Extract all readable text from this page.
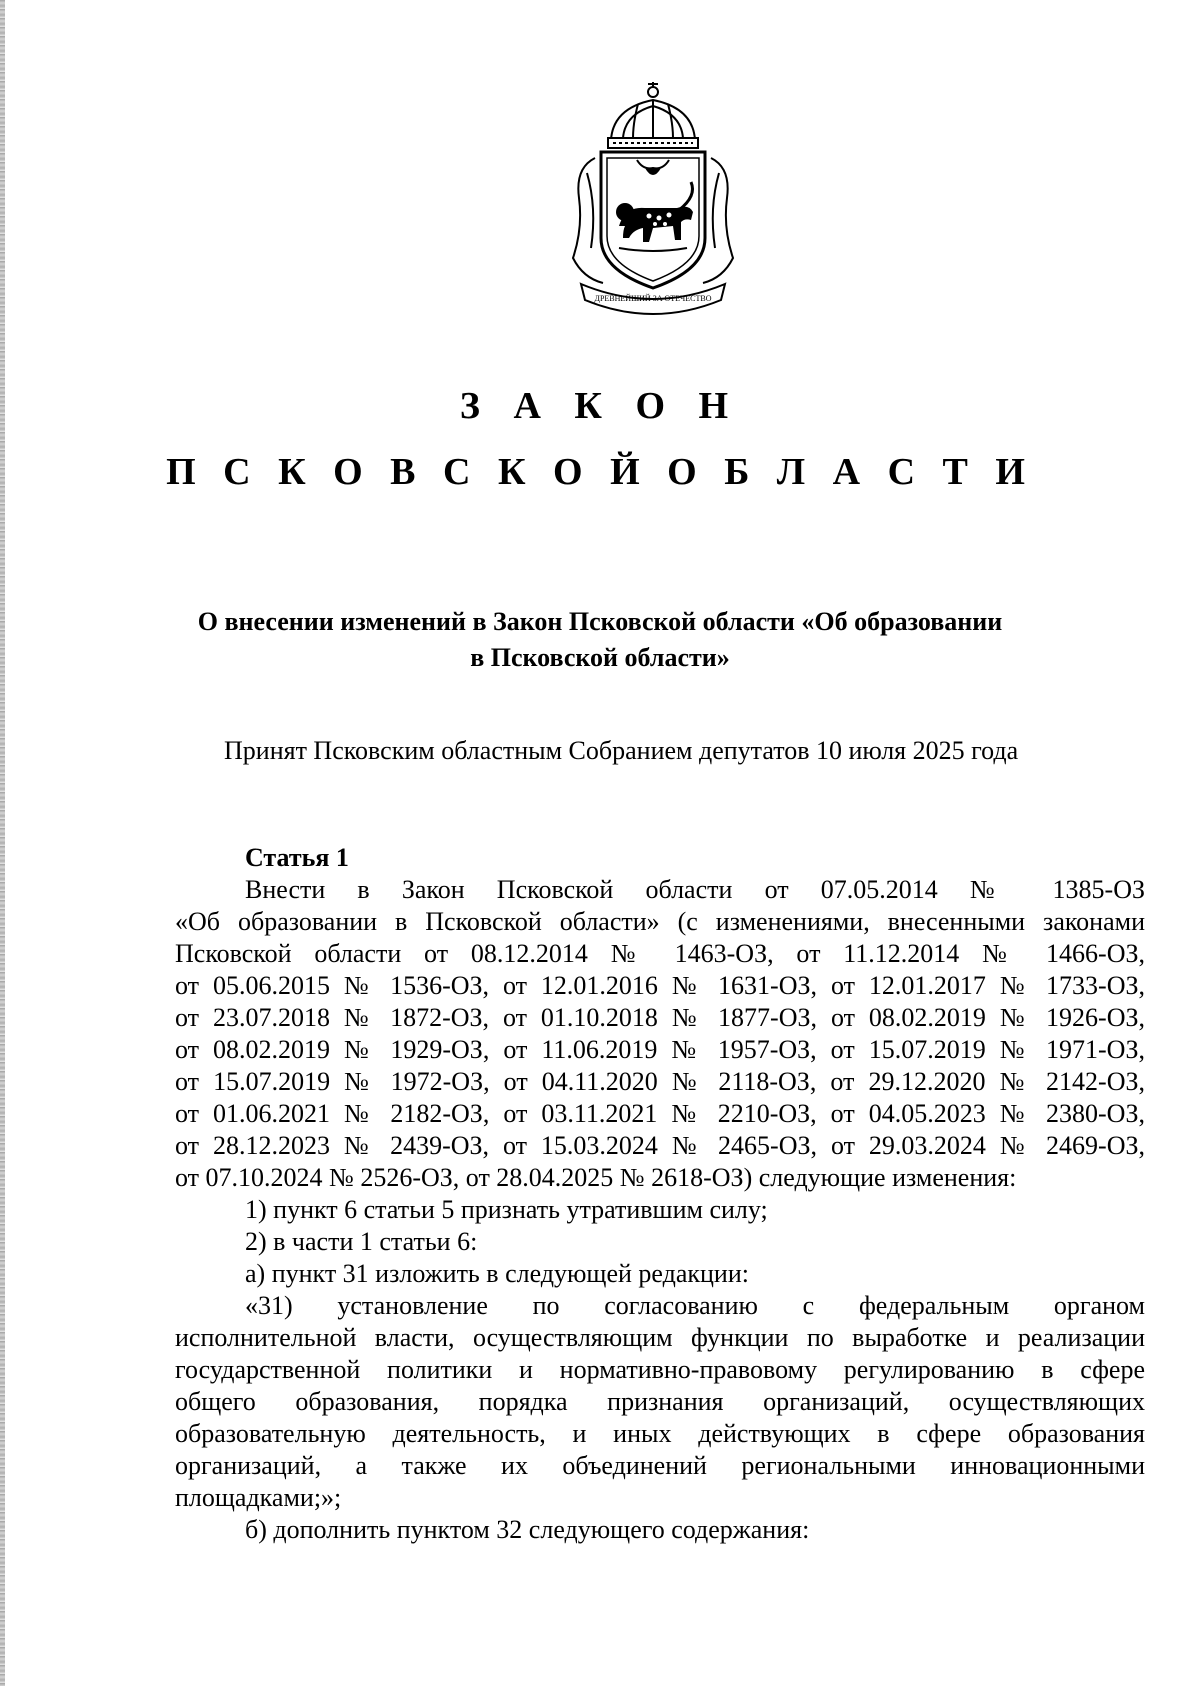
ДРЕВНЕЙШИЙ ЗА ОТЕЧЕСТВО
З А К О Н
П С К О В С К О Й О Б Л А С Т И
О внесении изменений в Закон Псковской области «Об образовании
в Псковской области»
Принят Псковским областным Собранием депутатов 10 июля 2025 года
Статья 1
Внести в Закон Псковской области от 07.05.2014 № 1385-ОЗ
«Об образовании в Псковской области» (с изменениями, внесенными законами
Псковской области от 08.12.2014 № 1463-ОЗ, от 11.12.2014 № 1466-ОЗ,
от 05.06.2015 № 1536-ОЗ, от 12.01.2016 № 1631-ОЗ, от 12.01.2017 № 1733-ОЗ,
от 23.07.2018 № 1872-ОЗ, от 01.10.2018 № 1877-ОЗ, от 08.02.2019 № 1926-ОЗ,
от 08.02.2019 № 1929-ОЗ, от 11.06.2019 № 1957-ОЗ, от 15.07.2019 № 1971-ОЗ,
от 15.07.2019 № 1972-ОЗ, от 04.11.2020 № 2118-ОЗ, от 29.12.2020 № 2142-ОЗ,
от 01.06.2021 № 2182-ОЗ, от 03.11.2021 № 2210-ОЗ, от 04.05.2023 № 2380-ОЗ,
от 28.12.2023 № 2439-ОЗ, от 15.03.2024 № 2465-ОЗ, от 29.03.2024 № 2469-ОЗ,
от 07.10.2024 № 2526-ОЗ, от 28.04.2025 № 2618-ОЗ) следующие изменения:
1) пункт 6 статьи 5 признать утратившим силу;
2) в части 1 статьи 6:
а) пункт 31 изложить в следующей редакции:
«31) установление по согласованию с федеральным органом
исполнительной власти, осуществляющим функции по выработке и реализации
государственной политики и нормативно-правовому регулированию в сфере
общего образования, порядка признания организаций, осуществляющих
образовательную деятельность, и иных действующих в сфере образования
организаций, а также их объединений региональными инновационными
площадками;»;
б) дополнить пунктом 32 следующего содержания:
